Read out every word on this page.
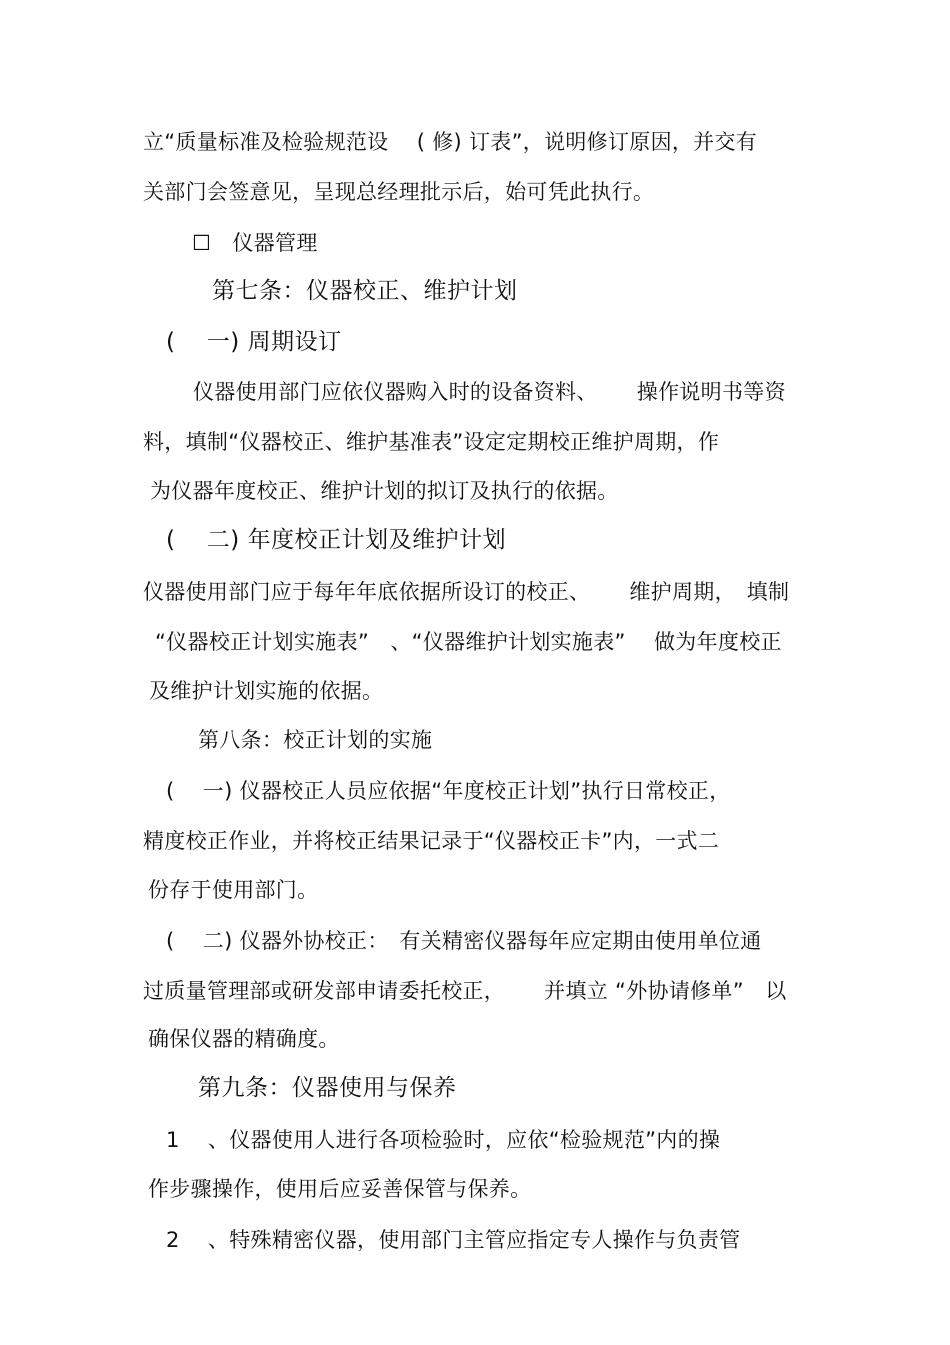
立“质量标准及检验规范设　 ( 修) 订表”，说明修订原因，并交有
关部门会签意见，呈现总经理批示后，始可凭此执行。
☐　仪器管理
第七条：仪器校正、维护计划
(　 一) 周期设订
仪器使用部门应依仪器购入时的设备资料、　 　操作说明书等资
料，填制“仪器校正、维护基准表”设定定期校正维护周期，作
为仪器年度校正、维护计划的拟订及执行的依据。
(　 二) 年度校正计划及维护计划
仪器使用部门应于每年年底依据所设订的校正、　　 维护周期，　填制
“仪器校正计划实施表”　、“仪器维护计划实施表”　 做为年度校正
及维护计划实施的依据。
第八条：校正计划的实施
(　 一) 仪器校正人员应依据“年度校正计划”执行日常校正，
精度校正作业，并将校正结果记录于“仪器校正卡”内，一式二
份存于使用部门。
(　 二) 仪器外协校正：　有关精密仪器每年应定期由使用单位通
过质量管理部或研发部申请委托校正，　　 并填立 “外协请修单”　以
确保仪器的精确度。
第九条：仪器使用与保养
1　 、仪器使用人进行各项检验时，应依“检验规范”内的操
作步骤操作，使用后应妥善保管与保养。
2　 、特殊精密仪器，使用部门主管应指定专人操作与负责管
